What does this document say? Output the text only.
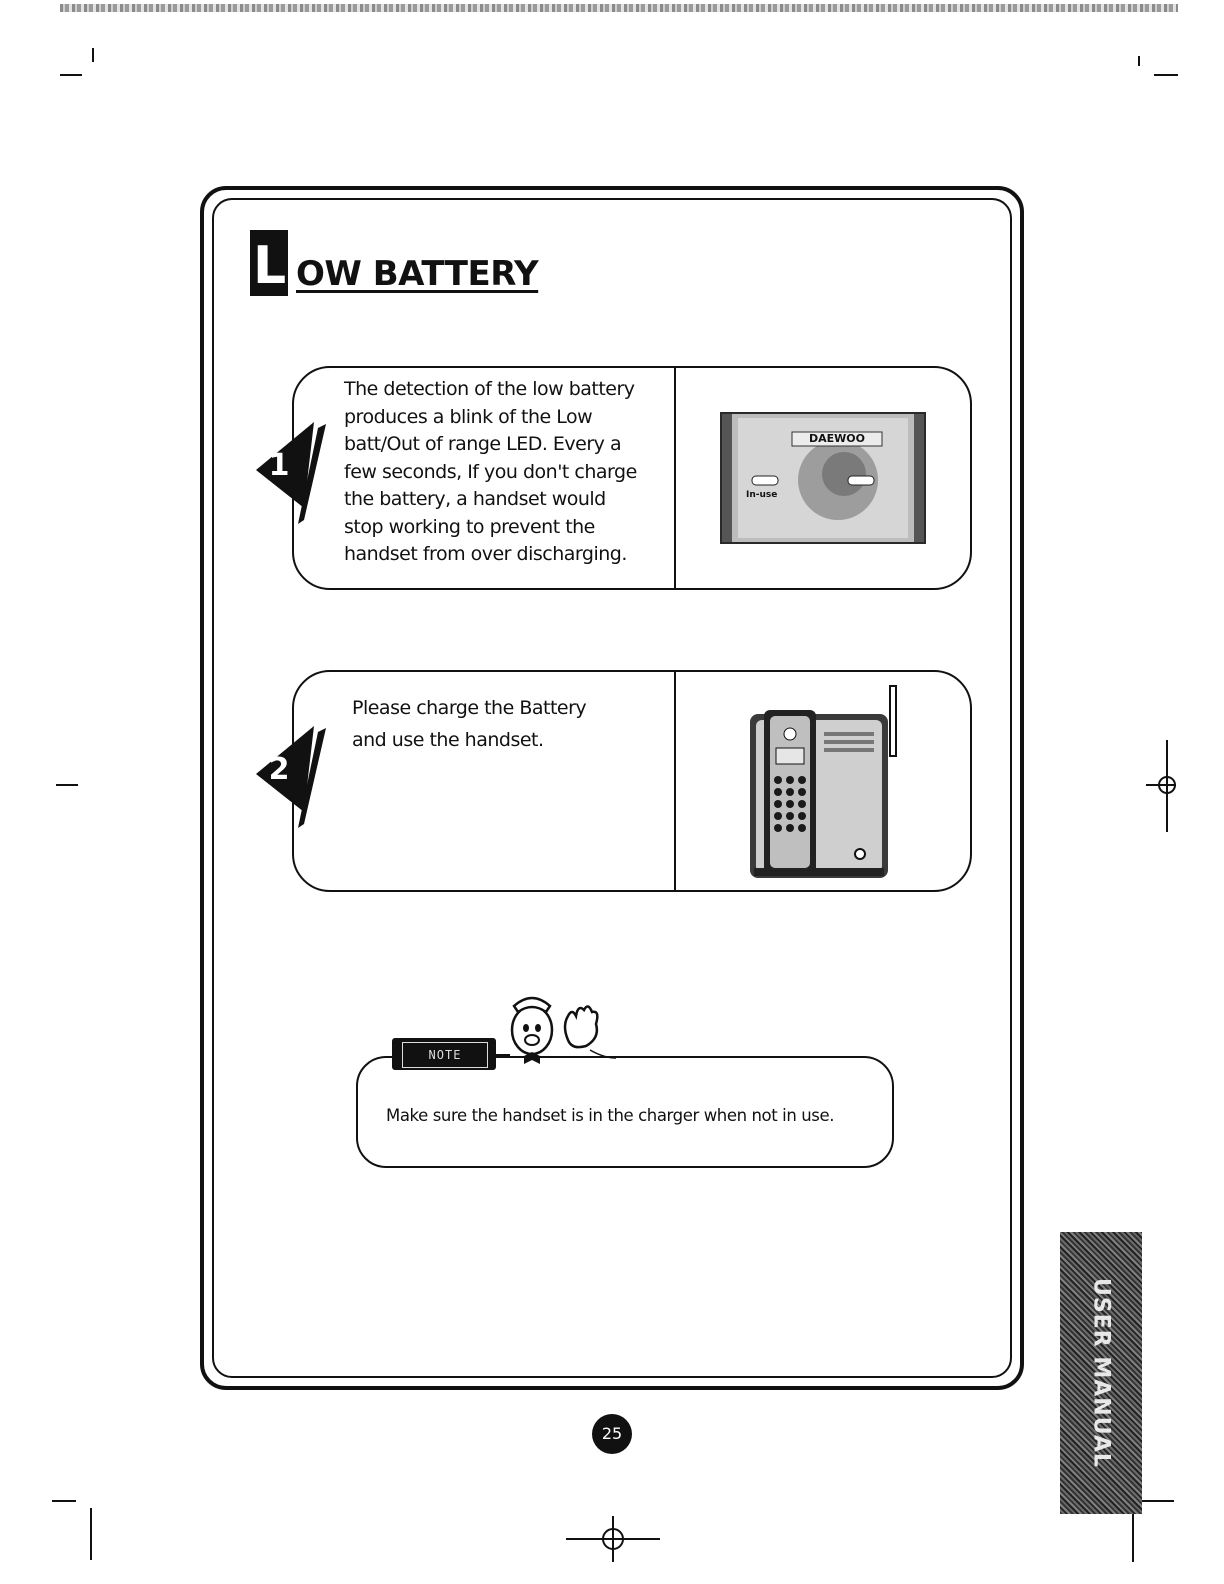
L OW BATTERY
The detection of the low battery
produces a blink of the Low
batt/Out of range LED. Every a
few seconds, If you don't charge
the battery, a handset would
stop working to prevent the
handset from over discharging.
DAEWOO
In-use
1
Please charge the Battery
and use the handset.
2
Make sure the handset is in the charger when not in use.
NOTE
25	USER MANUAL
